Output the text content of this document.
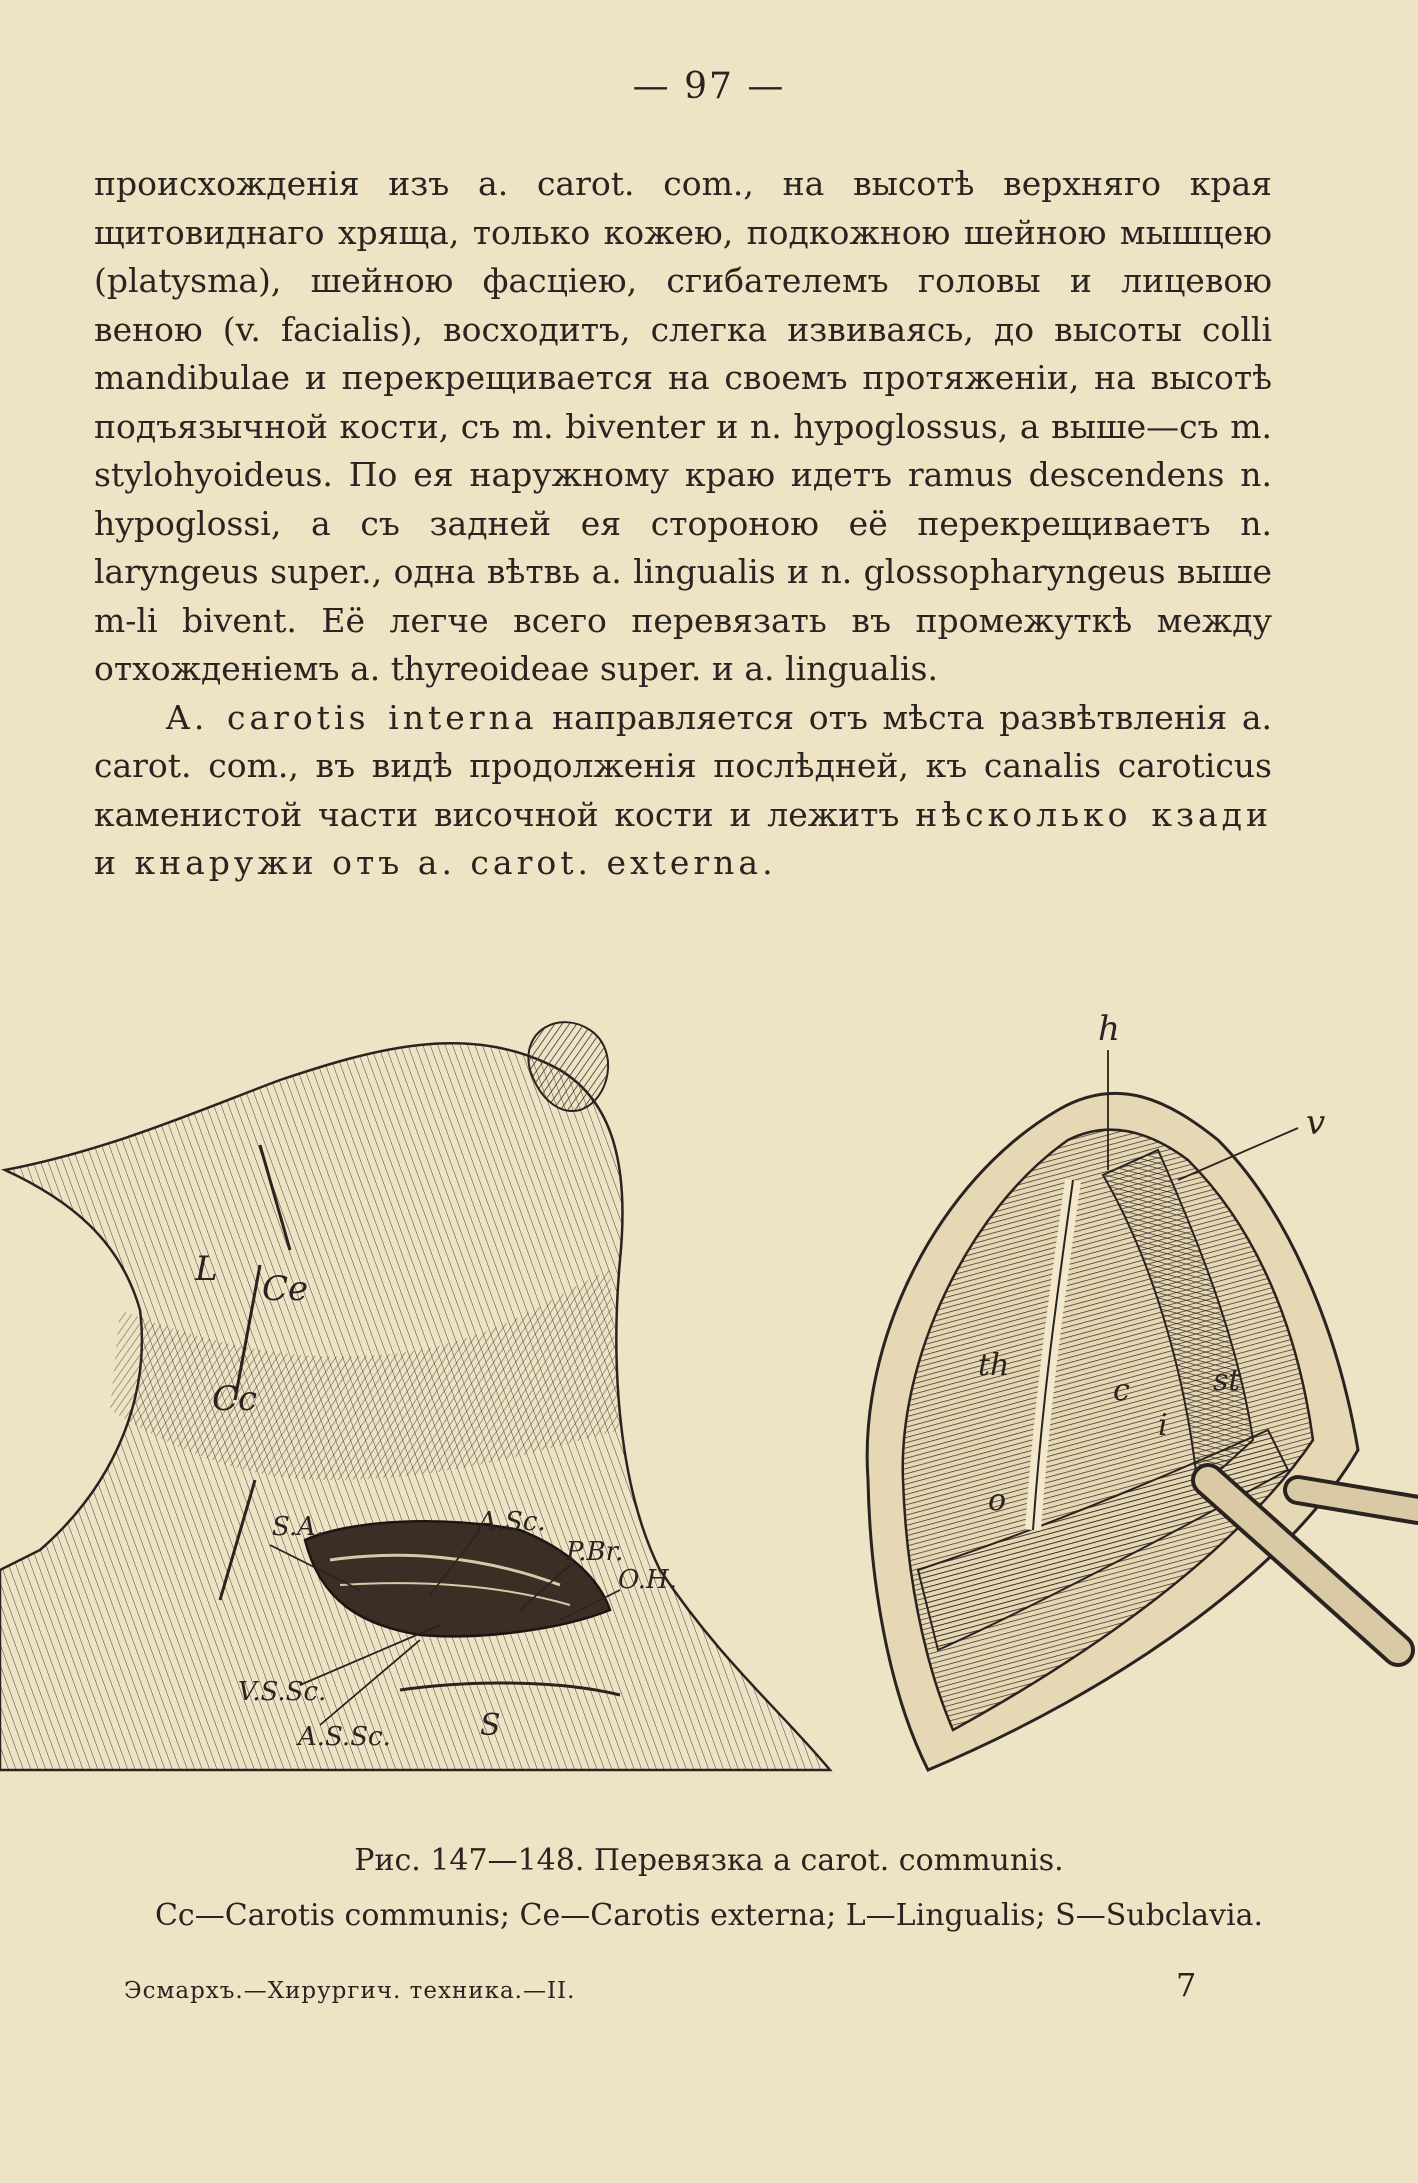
— 97 —

происхожденія изъ a. carot. com., на высотѣ верхняго края щитовиднаго хряща, только кожею, подкожною шейною мышцею (platysma), шейною фасціею, сгибателемъ головы и лицевою веною (v. facialis), восходитъ, слегка извиваясь, до высоты colli mandibulae и перекрещивается на своемъ протяженіи, на высотѣ подъязычной кости, съ m. biventer и n. hypoglossus, а выше—съ m. stylohyoideus. По ея наружному краю идетъ ramus descendens n. hypoglossi, а съ задней ея стороною её перекрещиваетъ n. laryngeus super., одна вѣтвь a. lingualis и n. glossopharyngeus выше m-li bivent. Её легче всего перевязать въ промежуткѣ между отхожденіемъ a. thyreoideae super. и a. lingualis.

A. carotis interna направляется отъ мѣста развѣтвленія a. carot. com., въ видѣ продолженія послѣдней, къ canalis caroticus каменистой части височной кости и лежитъ нѣсколько кзади и кнаружи отъ a. carot. externa.

L Ce
Cc
S.A.	A.Sc.
P.Br.
O.H.
V.S.Sc.
A.S.Sc.	S
h
v
th
c
i
st
o
Рис. 147—148. Перевязка a carot. communis.
Cc—Carotis communis; Ce—Carotis externa; L—Lingualis; S—Subclavia.
Эсмархъ.—Хирургич. техника.—II.	7
